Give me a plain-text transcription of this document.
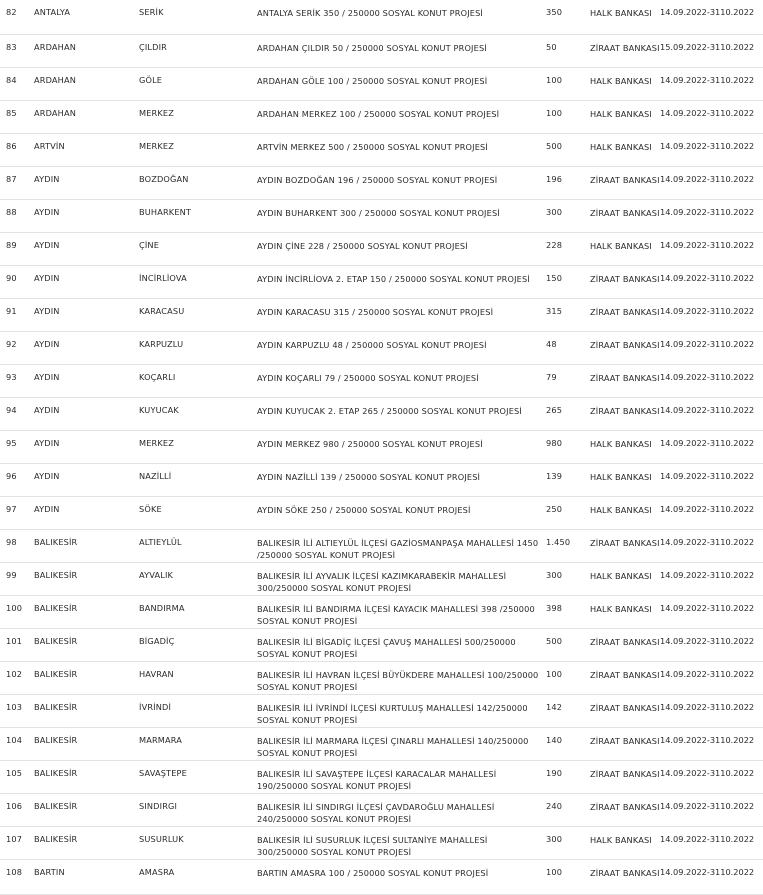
82	ANTALYA	SERİK	ANTALYA SERİK 350 / 250000 SOSYAL KONUT PROJESİ	350	HALK BANKASI	14.09.2022-3110.2022
83	ARDAHAN	ÇILDIR	ARDAHAN ÇILDIR 50 / 250000 SOSYAL KONUT PROJESİ	50	ZİRAAT BANKASI	15.09.2022-3110.2022
84	ARDAHAN	GÖLE	ARDAHAN GÖLE 100 / 250000 SOSYAL KONUT PROJESİ	100	HALK BANKASI	14.09.2022-3110.2022
85	ARDAHAN	MERKEZ	ARDAHAN MERKEZ 100 / 250000 SOSYAL KONUT PROJESİ	100	HALK BANKASI	14.09.2022-3110.2022
86	ARTVİN	MERKEZ	ARTVİN MERKEZ 500 / 250000 SOSYAL KONUT PROJESİ	500	HALK BANKASI	14.09.2022-3110.2022
87	AYDIN	BOZDOĞAN	AYDIN BOZDOĞAN 196 / 250000 SOSYAL KONUT PROJESİ	196	ZİRAAT BANKASI	14.09.2022-3110.2022
88	AYDIN	BUHARKENT	AYDIN BUHARKENT 300 / 250000 SOSYAL KONUT PROJESİ	300	ZİRAAT BANKASI	14.09.2022-3110.2022
89	AYDIN	ÇİNE	AYDIN ÇİNE 228 / 250000 SOSYAL KONUT PROJESİ	228	HALK BANKASI	14.09.2022-3110.2022
90	AYDIN	İNCİRLİOVA	AYDIN İNCİRLİOVA 2. ETAP 150 / 250000 SOSYAL KONUT PROJESİ	150	ZİRAAT BANKASI	14.09.2022-3110.2022
91	AYDIN	KARACASU	AYDIN KARACASU 315 / 250000 SOSYAL KONUT PROJESİ	315	ZİRAAT BANKASI	14.09.2022-3110.2022
92	AYDIN	KARPUZLU	AYDIN KARPUZLU 48 / 250000 SOSYAL KONUT PROJESİ	48	ZİRAAT BANKASI	14.09.2022-3110.2022
93	AYDIN	KOÇARLI	AYDIN KOÇARLI 79 / 250000 SOSYAL KONUT PROJESİ	79	ZİRAAT BANKASI	14.09.2022-3110.2022
94	AYDIN	KUYUCAK	AYDIN KUYUCAK 2. ETAP 265 / 250000 SOSYAL KONUT PROJESİ	265	ZİRAAT BANKASI	14.09.2022-3110.2022
95	AYDIN	MERKEZ	AYDIN MERKEZ 980 / 250000 SOSYAL KONUT PROJESİ	980	HALK BANKASI	14.09.2022-3110.2022
96	AYDIN	NAZİLLİ	AYDIN NAZİLLİ 139 / 250000 SOSYAL KONUT PROJESİ	139	HALK BANKASI	14.09.2022-3110.2022
97	AYDIN	SÖKE	AYDIN SÖKE 250 / 250000 SOSYAL KONUT PROJESİ	250	HALK BANKASI	14.09.2022-3110.2022
98	BALIKESİR	ALTIEYLÜL	BALIKESİR İLİ ALTIEYLÜL İLÇESİ GAZİOSMANPAŞA MAHALLESİ 1450 /250000 SOSYAL KONUT PROJESİ	1.450	ZİRAAT BANKASI	14.09.2022-3110.2022
99	BALIKESİR	AYVALIK	BALIKESİR İLİ AYVALIK İLÇESİ KAZIMKARABEKİR MAHALLESİ 300/250000 SOSYAL KONUT PROJESİ	300	HALK BANKASI	14.09.2022-3110.2022
100	BALIKESİR	BANDIRMA	BALIKESİR İLİ BANDIRMA İLÇESİ KAYACIK MAHALLESİ 398 /250000 SOSYAL KONUT PROJESİ	398	HALK BANKASI	14.09.2022-3110.2022
101	BALIKESİR	BİGADİÇ	BALIKESİR İLİ BİGADİÇ İLÇESİ ÇAVUŞ MAHALLESİ 500/250000 SOSYAL KONUT PROJESİ	500	ZİRAAT BANKASI	14.09.2022-3110.2022
102	BALIKESİR	HAVRAN	BALIKESİR İLİ HAVRAN İLÇESİ BÜYÜKDERE MAHALLESİ 100/250000 SOSYAL KONUT PROJESİ	100	ZİRAAT BANKASI	14.09.2022-3110.2022
103	BALIKESİR	İVRİNDİ	BALIKESİR İLİ İVRİNDİ İLÇESİ KURTULUŞ MAHALLESİ 142/250000 SOSYAL KONUT PROJESİ	142	ZİRAAT BANKASI	14.09.2022-3110.2022
104	BALIKESİR	MARMARA	BALIKESİR İLİ MARMARA İLÇESİ ÇINARLI MAHALLESİ 140/250000 SOSYAL KONUT PROJESİ	140	ZİRAAT BANKASI	14.09.2022-3110.2022
105	BALIKESİR	SAVAŞTEPE	BALIKESİR İLİ SAVAŞTEPE İLÇESİ KARACALAR MAHALLESİ 190/250000 SOSYAL KONUT PROJESİ	190	ZİRAAT BANKASI	14.09.2022-3110.2022
106	BALIKESİR	SINDIRGI	BALIKESİR İLİ SINDIRGI İLÇESİ ÇAVDAROĞLU MAHALLESİ 240/250000 SOSYAL KONUT PROJESİ	240	ZİRAAT BANKASI	14.09.2022-3110.2022
107	BALIKESİR	SUSURLUK	BALIKESİR İLİ SUSURLUK İLÇESİ SULTANİYE MAHALLESİ 300/250000 SOSYAL KONUT PROJESİ	300	HALK BANKASI	14.09.2022-3110.2022
108	BARTIN	AMASRA	BARTIN AMASRA 100 / 250000 SOSYAL KONUT PROJESİ	100	ZİRAAT BANKASI	14.09.2022-3110.2022
